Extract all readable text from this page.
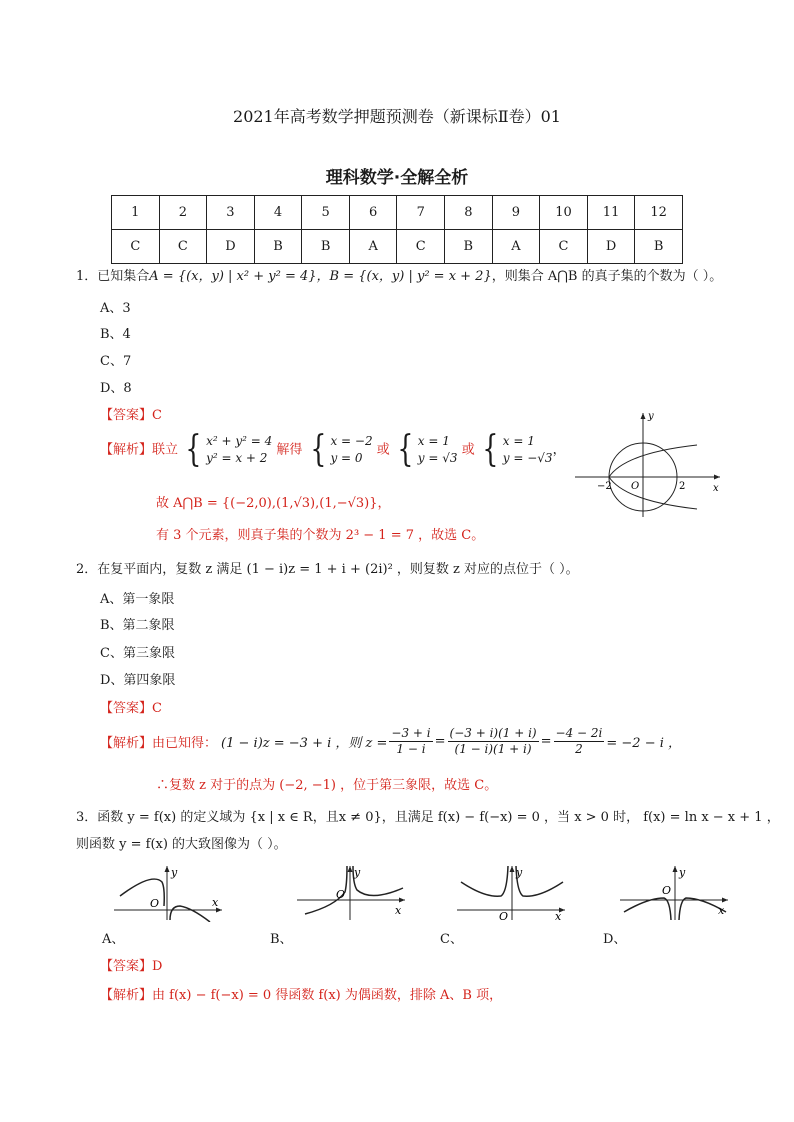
2021年高考数学押题预测卷（新课标Ⅱ卷）01
理科数学·全解全析
1	2	3	4	5	6	7	8	9	10	11	12
C	C	D	B	B	A	C	B	A	C	D	B
1．已知集合A = {(x，y) | x² + y² = 4}，B = {(x，y) | y² = x + 2}，则集合 A⋂B 的真子集的个数为（ ）。
A、3
B、4
C、7
D、8
【答案】C
【解析】联立 { x² + y² = 4
y² = x + 2
解得 { x = −2
y = 0
或 { x = 1
y = √3
或 { x = 1
y = −√3
，
故 A⋂B = {(−2,0),(1,√3),(1,−√3)}，
有 3 个元素，则真子集的个数为 2³ − 1 = 7 ，故选 C。
y
x
−2 O	2
2．在复平面内，复数 z 满足 (1 − i)z = 1 + i + (2i)² ，则复数 z 对应的点位于（ ）。
A、第一象限
B、第二象限
C、第三象限
D、第四象限
【答案】C
【解析】 由已知得： (1 − i)z = −3 + i ，则 $z = \frac{-3 + i}{1 - i} = \frac{(-3 + i)(1 + i)}{(1 - i)(1 + i)} = \frac{-4 - 2i}{2} = -2 - i$ ，
∴复数 z 对于的点为 (−2, −1) ，位于第三象限，故选 C。
3．函数 y = f(x) 的定义域为 {x | x ∈ R，且x ≠ 0}，且满足 f(x) − f(−x) = 0 ，当 x > 0 时， f(x) = ln x − x + 1 ，
则函数 y = f(x) 的大致图像为（ ）。
y
x
O
A、
y
x
O
B、
y
x
O
C、
y
x
O
D、
【答案】D
【解析】由 f(x) − f(−x) = 0 得函数 f(x) 为偶函数，排除 A、B 项，
